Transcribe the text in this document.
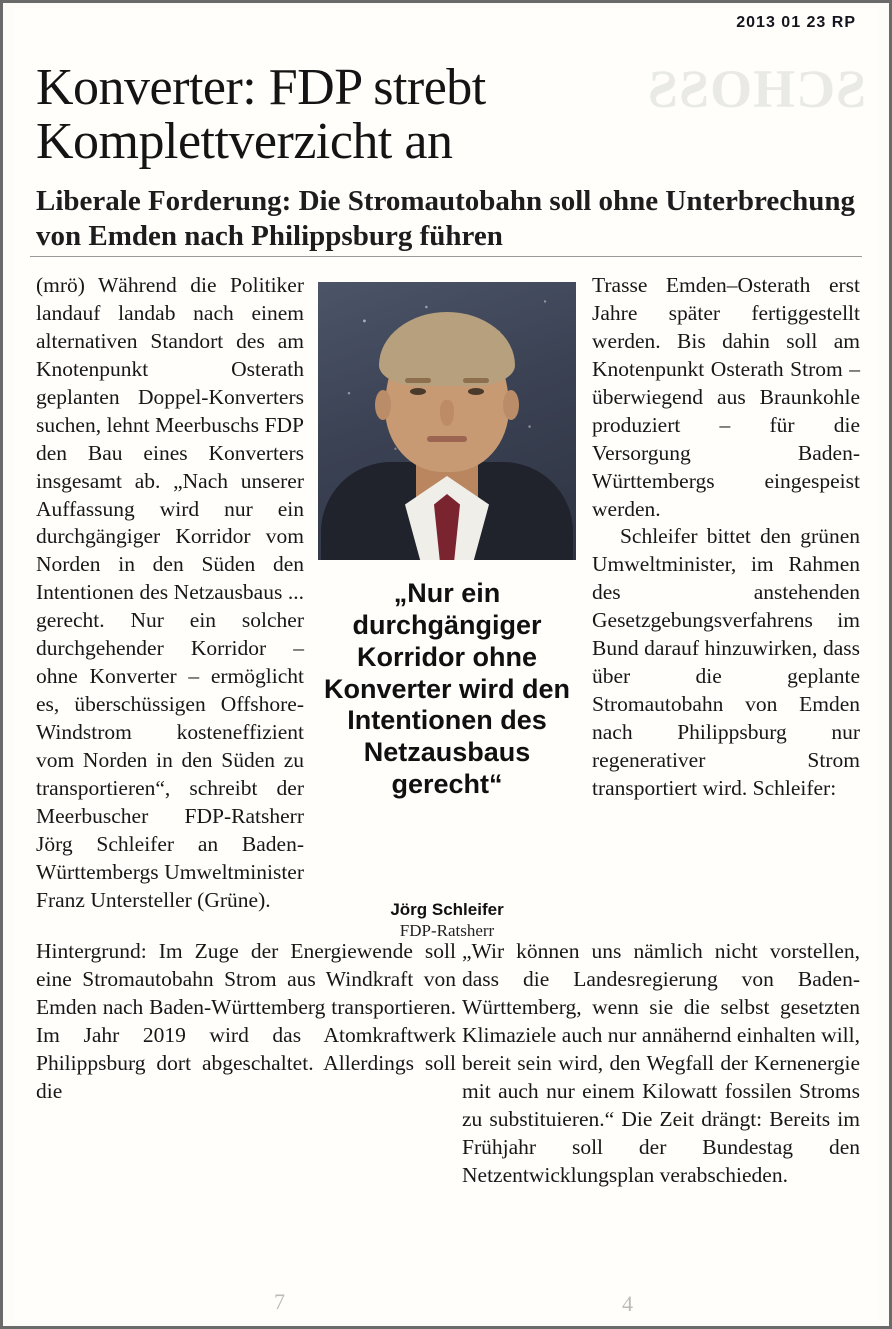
SCHOSS
2013 01 23 RP
Konverter: FDP strebt Komplettverzicht an
Liberale Forderung: Die Stromautobahn soll ohne Unterbrechung von Emden nach Philippsburg führen
„Nur ein durchgängiger Korridor ohne Konverter wird den Intentionen des Netzausbaus gerecht“
Jörg Schleifer
FDP-Ratsherr

(mrö) Während die Politiker landauf landab nach einem alternativen Standort des am Knotenpunkt Osterath geplanten Doppel-Konverters suchen, lehnt Meerbuschs FDP den Bau eines Konverters insgesamt ab. „Nach unserer Auffassung wird nur ein durchgängiger Korridor vom Norden in den Süden den Intentionen des Netzausbaus ... gerecht. Nur ein solcher durchgehender Korridor – ohne Konverter – ermöglicht es, überschüssigen Offshore-Windstrom kosteneffizient vom Norden in den Süden zu transportieren“, schreibt der Meerbuscher FDP-Ratsherr Jörg Schleifer an Baden-Württembergs Umweltminister Franz Untersteller (Grüne).

Hintergrund: Im Zuge der Energiewende soll eine Stromautobahn Strom aus Windkraft von Emden nach Baden-Württemberg transportieren. Im Jahr 2019 wird das Atomkraftwerk Philippsburg dort abgeschaltet. Allerdings soll die

Trasse Emden–Osterath erst Jahre später fertiggestellt werden. Bis dahin soll am Knotenpunkt Osterath Strom – überwiegend aus Braunkohle produziert – für die Versorgung Baden-Württembergs eingespeist werden.

Schleifer bittet den grünen Umweltminister, im Rahmen des anstehenden Gesetzgebungsverfahrens im Bund darauf hinzuwirken, dass über die geplante Stromautobahn von Emden nach Philippsburg nur regenerativer Strom transportiert wird. Schleifer:

„Wir können uns nämlich nicht vorstellen, dass die Landesregierung von Baden-Württemberg, wenn sie die selbst gesetzten Klimaziele auch nur annähernd einhalten will, bereit sein wird, den Wegfall der Kernenergie mit auch nur einem Kilowatt fossilen Stroms zu substituieren.“ Die Zeit drängt: Bereits im Frühjahr soll der Bundestag den Netzentwicklungsplan verabschieden.

7	4
